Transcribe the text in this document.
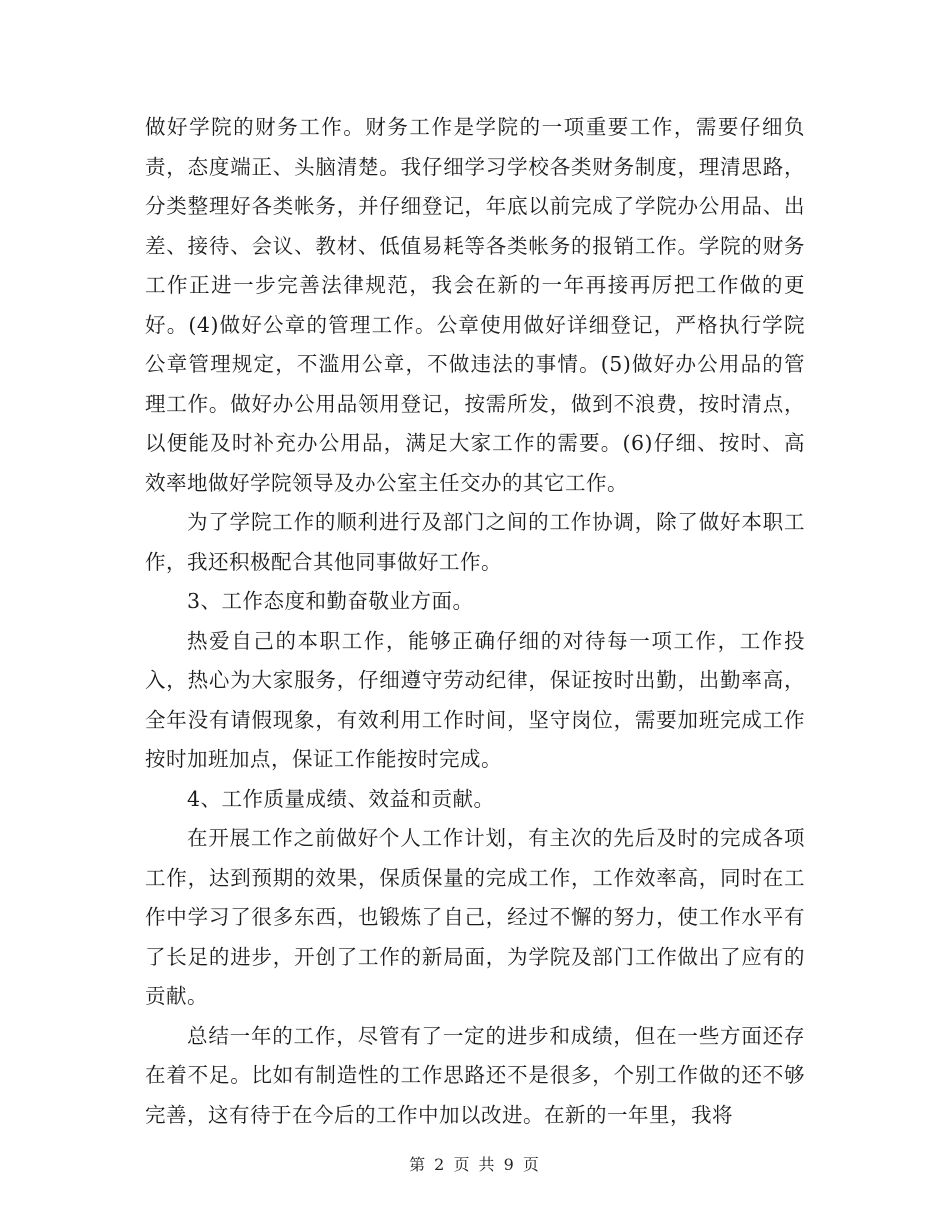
做好学院的财务工作。财务工作是学院的一项重要工作，需要仔细负责，态度端正、头脑清楚。我仔细学习学校各类财务制度，理清思路，分类整理好各类帐务，并仔细登记，年底以前完成了学院办公用品、出差、接待、会议、教材、低值易耗等各类帐务的报销工作。学院的财务工作正进一步完善法律规范，我会在新的一年再接再厉把工作做的更好。(4)做好公章的管理工作。公章使用做好详细登记，严格执行学院公章管理规定，不滥用公章，不做违法的事情。(5)做好办公用品的管理工作。做好办公用品领用登记，按需所发，做到不浪费，按时清点，以便能及时补充办公用品，满足大家工作的需要。(6)仔细、按时、高效率地做好学院领导及办公室主任交办的其它工作。

为了学院工作的顺利进行及部门之间的工作协调，除了做好本职工作，我还积极配合其他同事做好工作。

3、工作态度和勤奋敬业方面。

热爱自己的本职工作，能够正确仔细的对待每一项工作，工作投入，热心为大家服务，仔细遵守劳动纪律，保证按时出勤，出勤率高，全年没有请假现象，有效利用工作时间，坚守岗位，需要加班完成工作按时加班加点，保证工作能按时完成。

4、工作质量成绩、效益和贡献。

在开展工作之前做好个人工作计划，有主次的先后及时的完成各项工作，达到预期的效果，保质保量的完成工作，工作效率高，同时在工作中学习了很多东西，也锻炼了自己，经过不懈的努力，使工作水平有了长足的进步，开创了工作的新局面，为学院及部门工作做出了应有的贡献。

总结一年的工作，尽管有了一定的进步和成绩，但在一些方面还存在着不足。比如有制造性的工作思路还不是很多，个别工作做的还不够完善，这有待于在今后的工作中加以改进。在新的一年里，我将

第 2 页 共 9 页
